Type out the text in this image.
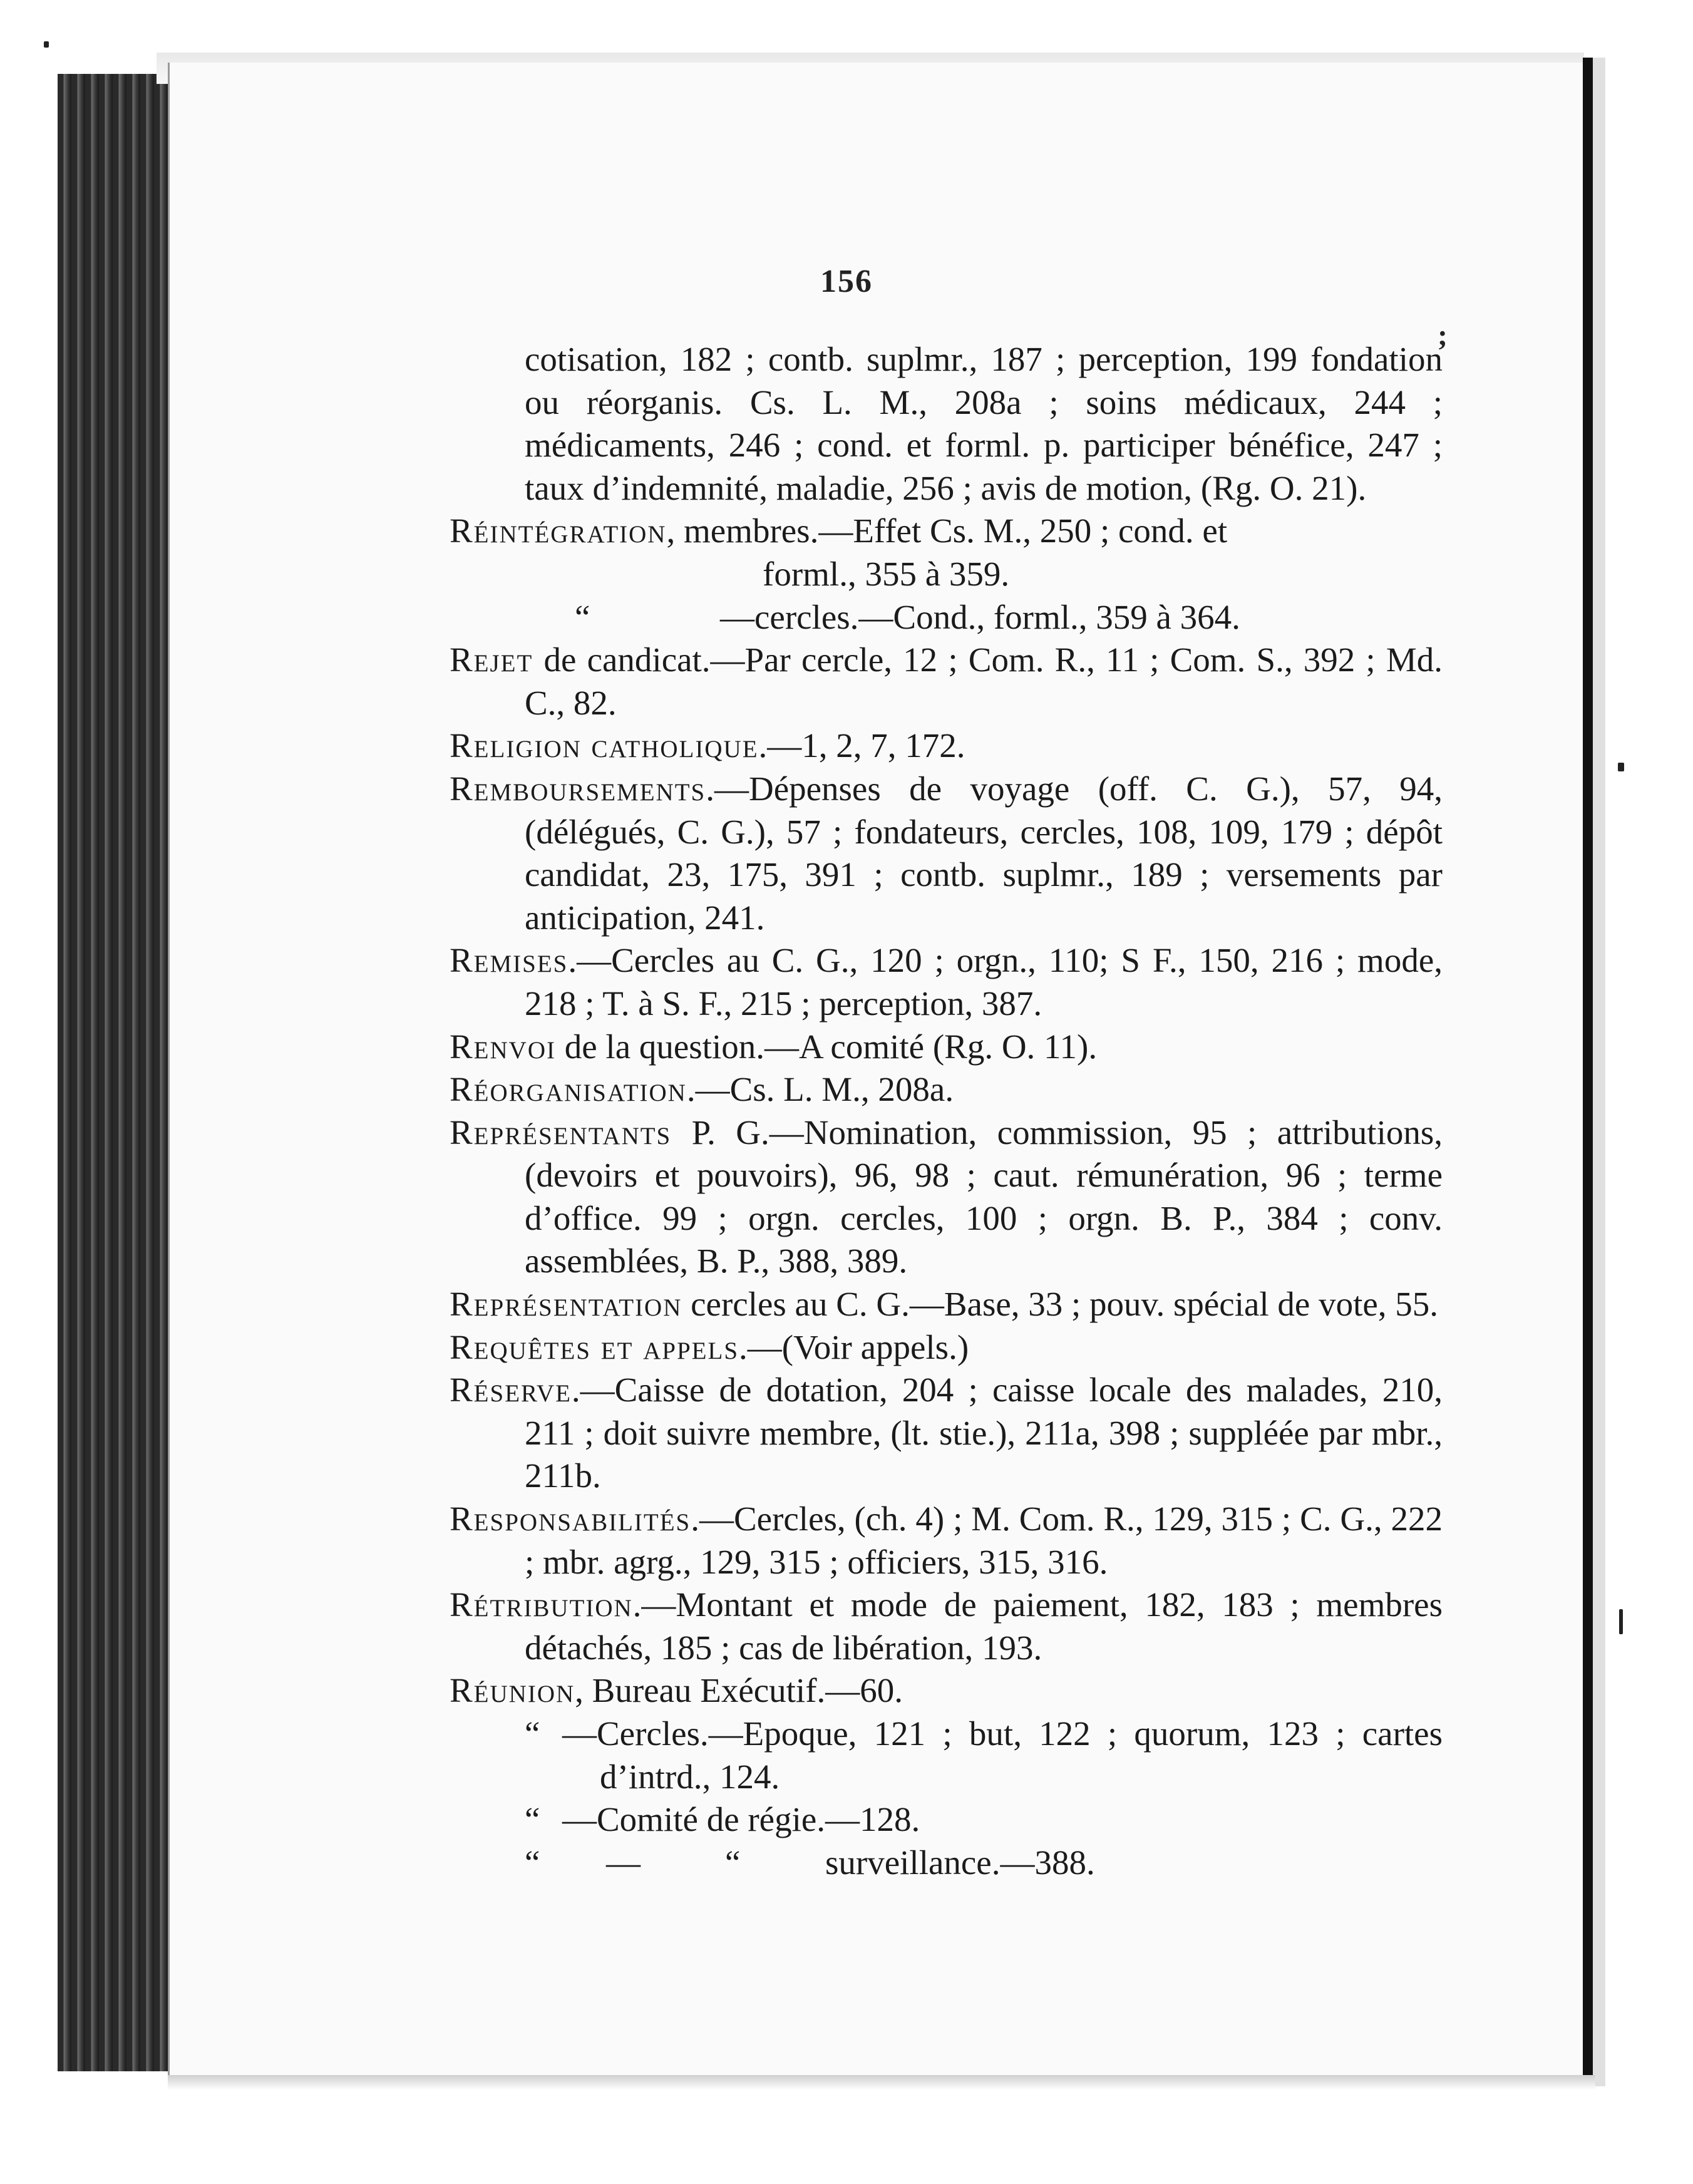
156
;
cotisation, 182 ; contb. suplmr., 187 ; perception, 199 fondation ou réorganis. Cs. L. M., 208a ; soins médicaux, 244 ; médicaments, 246 ; cond. et forml. p. participer bénéfice, 247 ; taux d’indemnité, maladie, 256 ; avis de motion, (Rg. O. 21).
Réintégration, membres.—Effet Cs. M., 250 ; cond. et
forml., 355 à 359.
“	—cercles.—Cond., forml., 359 à 364.
Rejet de candicat.—Par cercle, 12 ; Com. R., 11 ; Com. S., 392 ; Md. C., 82.
Religion catholique.—1, 2, 7, 172.
Remboursements.—Dépenses de voyage (off. C. G.), 57, 94, (délégués, C. G.), 57 ; fondateurs, cercles, 108, 109, 179 ; dépôt candidat, 23, 175, 391 ; contb. suplmr., 189 ; versements par anticipation, 241.
Remises.—Cercles au C. G., 120 ; orgn., 110; S F., 150, 216 ; mode, 218 ; T. à S. F., 215 ; perception, 387.
Renvoi de la question.—A comité (Rg. O. 11).
Réorganisation.—Cs. L. M., 208a.
Représentants P. G.—Nomination, commission, 95 ; attributions, (devoirs et pouvoirs), 96, 98 ; caut. rémunération, 96 ; terme d’office. 99 ; orgn. cercles, 100 ; orgn. B. P., 384 ; conv. assemblées, B. P., 388, 389.
Représentation cercles au C. G.—Base, 33 ; pouv. spécial de vote, 55.
Requêtes et appels.—(Voir appels.)
Réserve.—Caisse de dotation, 204 ; caisse locale des malades, 210, 211 ; doit suivre membre, (lt. stie.), 211a, 398 ; suppléée par mbr., 211b.
Responsabilités.—Cercles, (ch. 4) ; M. Com. R., 129, 315 ; C. G., 222 ; mbr. agrg., 129, 315 ; officiers, 315, 316.
Rétribution.—Montant et mode de paiement, 182, 183 ; membres détachés, 185 ; cas de libération, 193.
Réunion, Bureau Exécutif.—60.
“ —Cercles.—Epoque, 121 ; but, 122 ; quorum, 123 ; cartes d’intrd., 124.
“ —Comité de régie.—128.
“ — “ surveillance.—388.
